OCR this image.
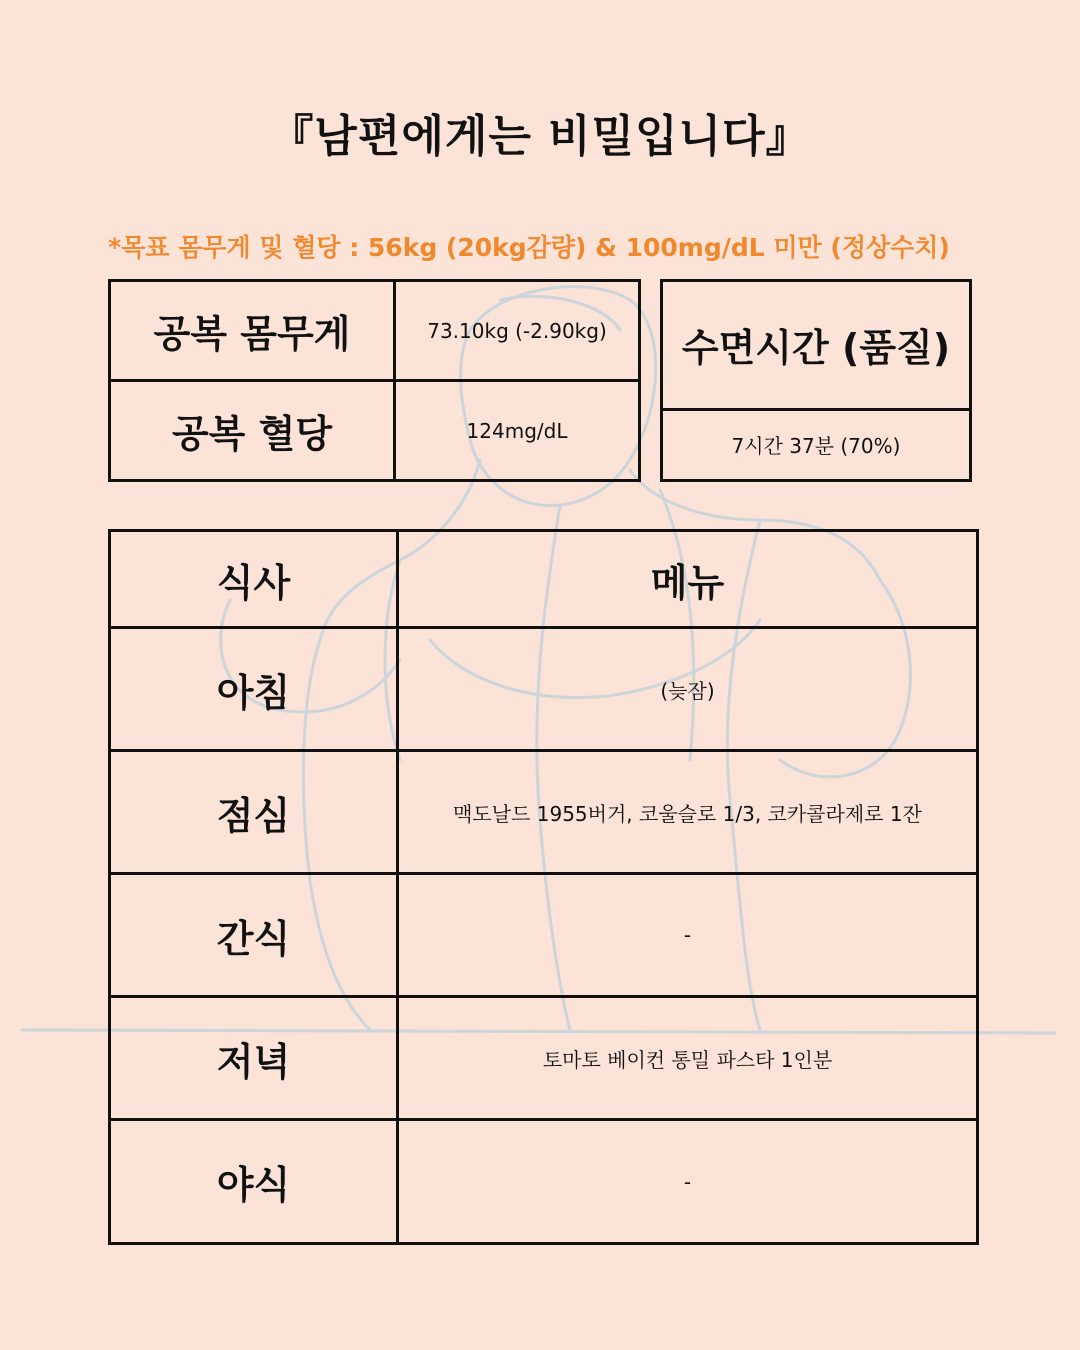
『남편에게는 비밀입니다』
*목표 몸무게 및 혈당 : 56kg (20kg감량) & 100mg/dL 미만 (정상수치)
공복 몸무게	73.10kg (-2.90kg)
공복 혈당	124mg/dL
수면시간 (품질)
7시간 37분 (70%)
식사	메뉴
아침	(늦잠)
점심	맥도날드 1955버거, 코울슬로 1/3, 코카콜라제로 1잔
간식	-
저녁	토마토 베이컨 통밀 파스타 1인분
야식	-
